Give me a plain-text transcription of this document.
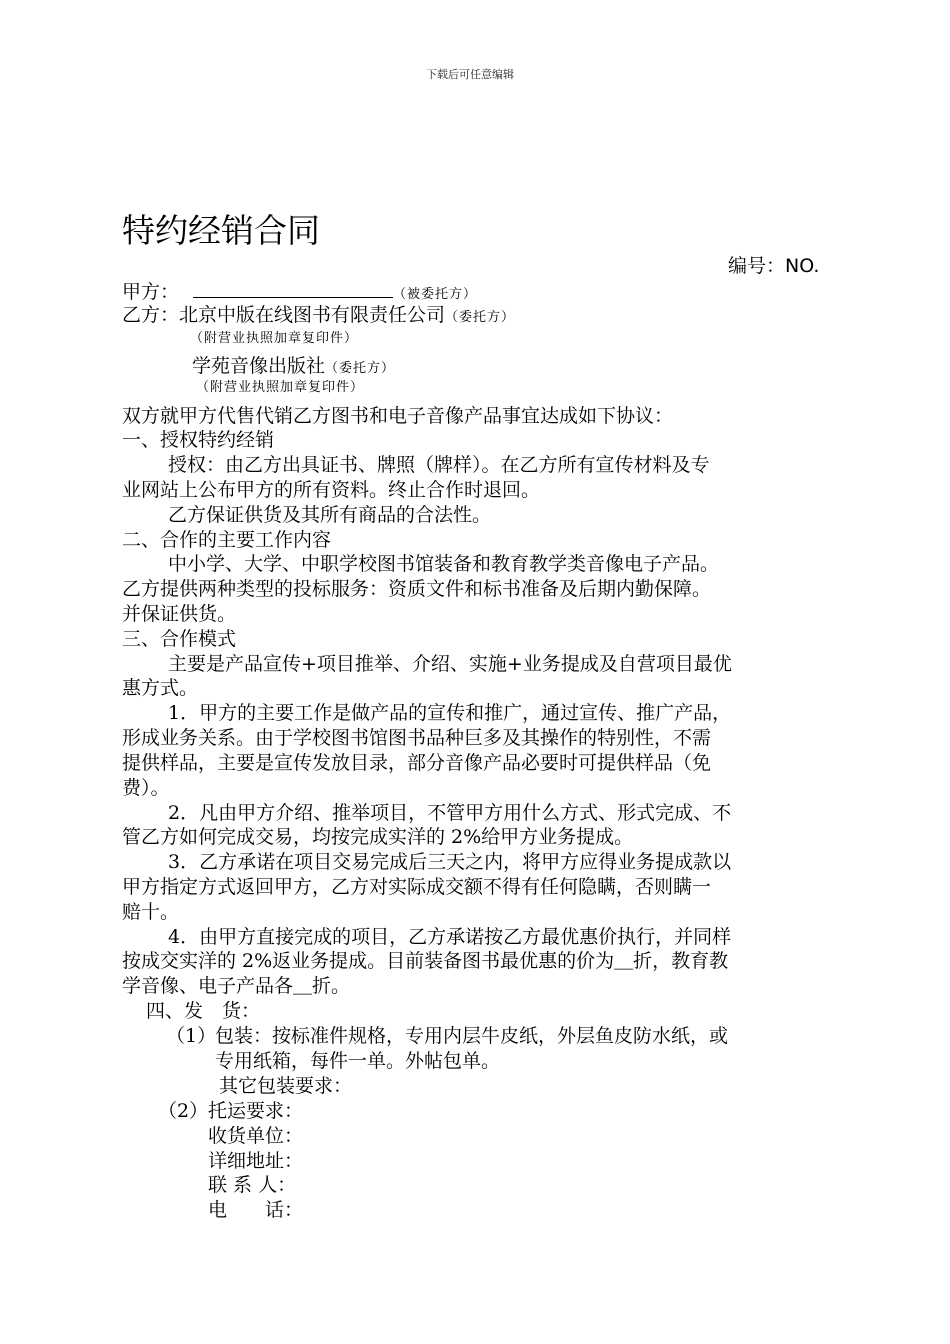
下载后可任意编辑
特约经销合同
编号：NO.
甲方：	（被委托方）
乙方：北京中版在线图书有限责任公司（委托方）
（附营业执照加章复印件）
学苑音像出版社（委托方）
（附营业执照加章复印件）
双方就甲方代售代销乙方图书和电子音像产品事宜达成如下协议：
一、授权特约经销
授权：由乙方出具证书、牌照（牌样）。在乙方所有宣传材料及专
业网站上公布甲方的所有资料。终止合作时退回。
乙方保证供货及其所有商品的合法性。
二、合作的主要工作内容
中小学、大学、中职学校图书馆装备和教育教学类音像电子产品。
乙方提供两种类型的投标服务：资质文件和标书准备及后期内勤保障。
并保证供货。
三、合作模式
主要是产品宣传+项目推举、介绍、实施+业务提成及自营项目最优
惠方式。
1．甲方的主要工作是做产品的宣传和推广，通过宣传、推广产品，
形成业务关系。由于学校图书馆图书品种巨多及其操作的特别性，不需
提供样品，主要是宣传发放目录，部分音像产品必要时可提供样品（免
费）。
2．凡由甲方介绍、推举项目，不管甲方用什么方式、形式完成、不
管乙方如何完成交易，均按完成实洋的 2%给甲方业务提成。
3．乙方承诺在项目交易完成后三天之内，将甲方应得业务提成款以
甲方指定方式返回甲方，乙方对实际成交额不得有任何隐瞒，否则瞒一
赔十。
4．由甲方直接完成的项目，乙方承诺按乙方最优惠价执行，并同样
按成交实洋的 2%返业务提成。目前装备图书最优惠的价为＿折，教育教
学音像、电子产品各＿折。
四、发　货：
（1）
包装：按标准件规格，专用内层牛皮纸，外层鱼皮防水纸，或
专用纸箱，每件一单。外帖包单。
其它包装要求：
（2） 托运要求：
收货单位：
详细地址：
联 系 人：
电　　话：
